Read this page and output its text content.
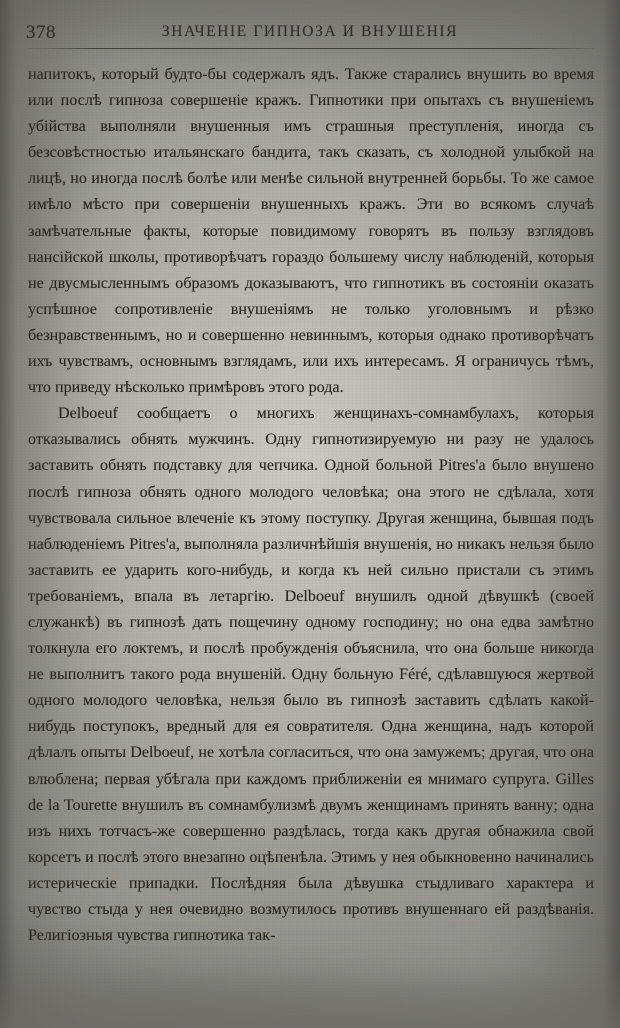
378	ЗНАЧЕНІЕ ГИПНОЗА И ВНУШЕНІЯ

напитокъ, который будто-бы содержалъ ядъ. Также старались внушить во время или послѣ гипноза совершеніе кражъ. Гипнотики при опытахъ съ внушеніемъ убійства выполняли внушенныя имъ страшныя преступленія, иногда съ безсовѣстностью итальянскаго бандита, такъ сказать, съ холодной улыбкой на лицѣ, но иногда послѣ болѣе или менѣе сильной внутренней борьбы. То же самое имѣло мѣсто при совершеніи внушенныхъ кражъ. Эти во всякомъ случаѣ замѣчательные факты, которые повидимому говорятъ въ пользу взглядовъ нансійской школы, противорѣчатъ гораздо большему числу наблюденій, которыя не двусмысленнымъ образомъ доказываютъ, что гипнотикъ въ состояніи оказать успѣшное сопротивленіе внушеніямъ не только уголовнымъ и рѣзко безнравственнымъ, но и совершенно невиннымъ, которыя однако противорѣчатъ ихъ чувствамъ, основнымъ взглядамъ, или ихъ интересамъ. Я ограничусь тѣмъ, что приведу нѣсколько примѣровъ этого рода.

Delboeuf сообщаетъ о многихъ женщинахъ-сомнамбулахъ, которыя отказывались обнять мужчинъ. Одну гипнотизируемую ни разу не удалось заставить обнять подставку для чепчика. Одной больной Pitres'a было внушено послѣ гипноза обнять одного молодого человѣка; она этого не сдѣлала, хотя чувствовала сильное влеченіе къ этому поступку. Другая женщина, бывшая подъ наблюденіемъ Pitres'a, выполняла различнѣйшія внушенія, но никакъ нельзя было заставить ее ударить кого-нибудь, и когда къ ней сильно пристали съ этимъ требованіемъ, впала въ летаргію. Delboeuf внушилъ одной дѣвушкѣ (своей служанкѣ) въ гипнозѣ дать пощечину одному господину; но она едва замѣтно толкнула его локтемъ, и послѣ пробужденія объяснила, что она больше никогда не выполнитъ такого рода внушеній. Одну больную Féré, сдѣлавшуюся жертвой одного молодого человѣка, нельзя было въ гипнозѣ заставить сдѣлать какой-нибудь поступокъ, вредный для ея совратителя. Одна женщина, надъ которой дѣлалъ опыты Delboeuf, не хотѣла согласиться, что она замужемъ; другая, что она влюблена; первая убѣгала при каждомъ приближеніи ея мнимаго супруга. Gilles de la Tourette внушилъ въ сомнамбулизмѣ двумъ женщинамъ принять ванну; одна изъ нихъ тотчасъ-же совершенно раздѣлась, тогда какъ другая обнажила свой корсетъ и послѣ этого внезапно оцѣпенѣла. Этимъ у нея обыкновенно начинались истерическіе припадки. Послѣдняя была дѣвушка стыдливаго характера и чувство стыда у нея очевидно возмутилось противъ внушеннаго ей раздѣванія. Религіозныя чувства гипнотика так-
